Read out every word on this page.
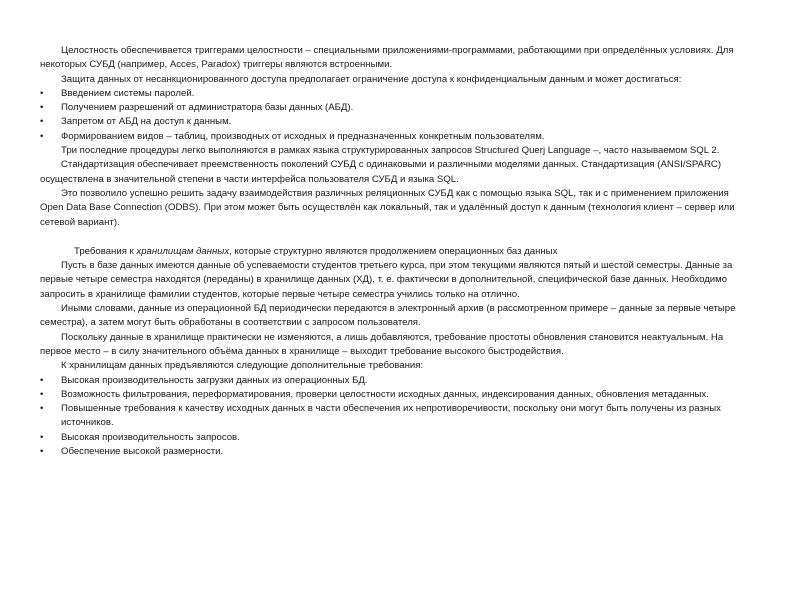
Целостность обеспечивается триггерами целостности – специальными приложениями-программами, работающими при определённых условиях. Для некоторых СУБД (например, Acces, Paradox) триггеры являются встроенными.

Защита данных от несанкционированного доступа предполагает ограничение доступа к конфиденциальным данным и может достигаться:

• Введением системы паролей.

• Получением разрешений от администратора базы данных (АБД).

• Запретом от АБД на доступ к данным.

• Формированием видов – таблиц, производных от исходных и предназначенных конкретным пользователям.

Три последние процедуры легко выполняются в рамках языка структурированных запросов Structured Querj Language –, часто называемом SQL 2.

Стандартизация обеспечивает преемственность поколений СУБД с одинаковыми и различными моделями данных. Стандартизация (ANSI/SPARC) осуществлена в значительной степени в части интерфейса пользователя СУБД и языка SQL.

Это позволило успешно решить задачу взаимодействия различных реляционных СУБД как с помощью языка SQL, так и с применением приложения Open Data Base Connection (ODBS). При этом может быть осуществлён как локальный, так и удалённый доступ к данным (технология клиент – сервер или сетевой вариант).

Требования к хранилищам данных, которые структурно являются продолжением операционных баз данных

Пусть в базе данных имеются данные об успеваемости студентов третьего курса, при этом текущими являются пятый и шестой семестры. Данные за первые четыре семестра находятся (переданы) в хранилище данных (ХД), т. е. фактически в дополнительной, специфической базе данных. Необходимо запросить в хранилище фамилии студентов, которые первые четыре семестра учились только на отлично.

Иными словами, данные из операционной БД периодически передаются в электронный архив (в рассмотренном примере – данные за первые четыре семестра), а затем могут быть обработаны в соответствии с запросом пользователя.

Поскольку данные в хранилище практически не изменяются, а лишь добавляются, требование простоты обновления становится неактуальным. На первое место – в силу значительного объёма данных в хранилище – выходит требование высокого быстродействия.

К хранилищам данных предъявляются следующие дополнительные требования:

• Высокая производительность загрузки данных из операционных БД.

• Возможность фильтрования, переформатирования, проверки целостности исходных данных, индексирования данных, обновления метаданных.

• Повышенные требования к качеству исходных данных в части обеспечения их непротиворечивости, поскольку они могут быть получены из разных источников.

• Высокая производительность запросов.

• Обеспечение высокой размерности.
